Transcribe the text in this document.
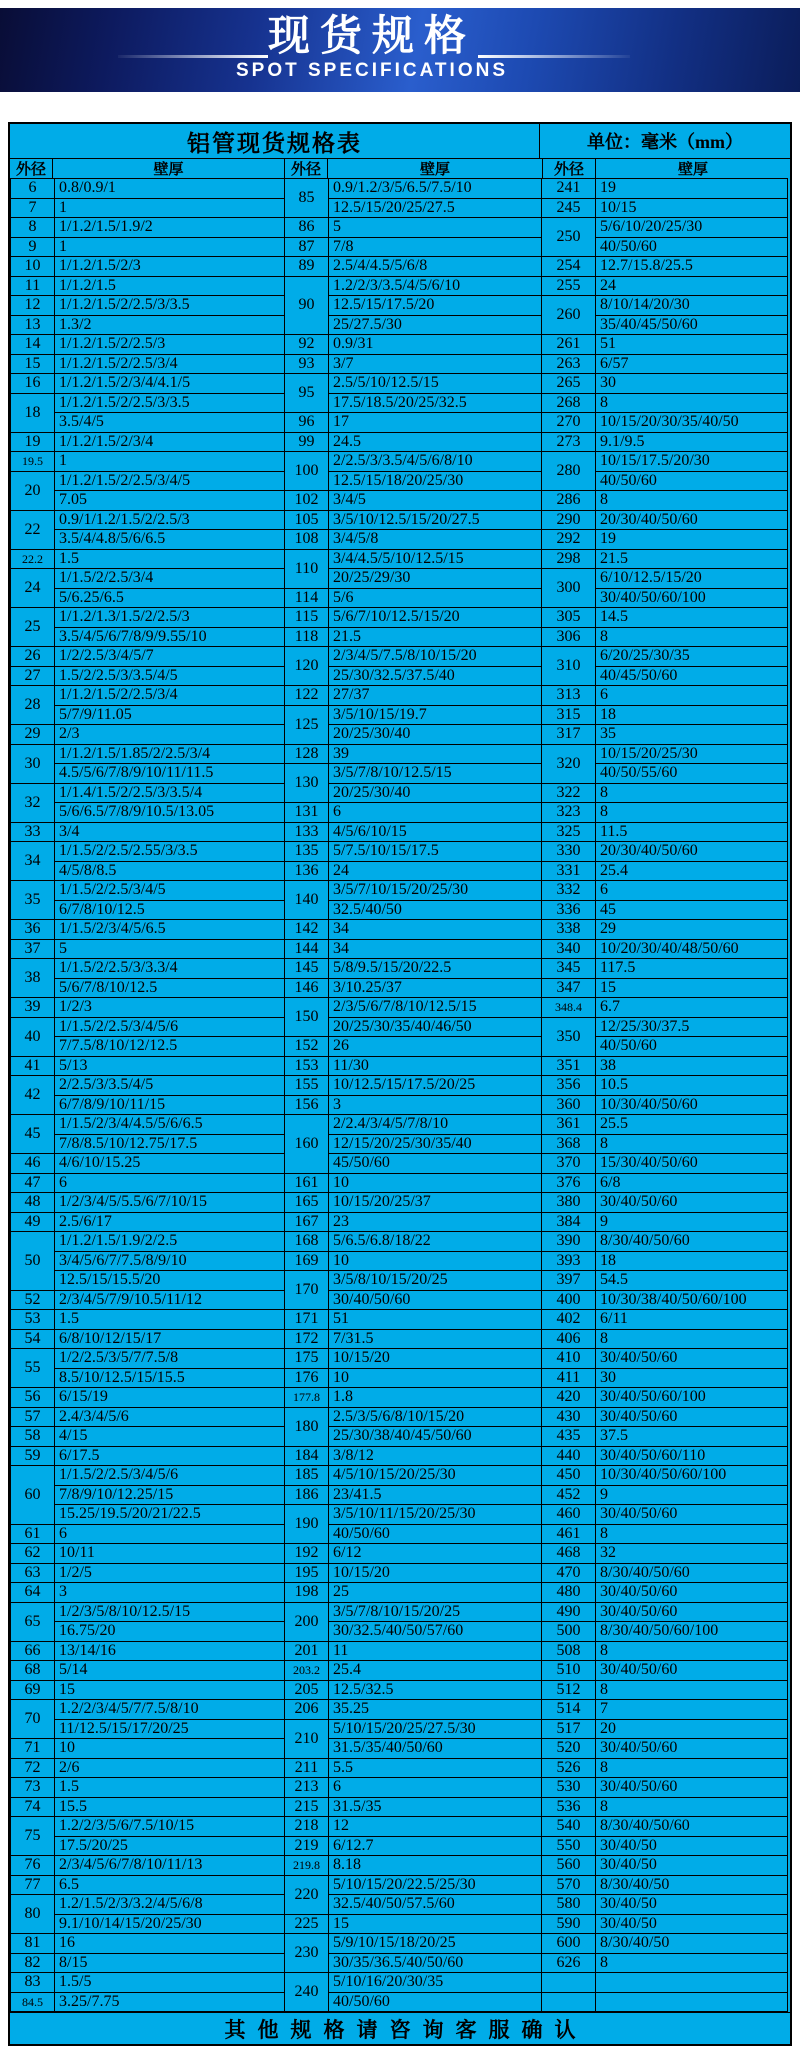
现货规格
SPOT SPECIFICATIONS
铝管现货规格表	单位：毫米（mm）
外径	壁厚	外径	壁厚	外径	壁厚
6	0.8/0.9/1
7	1
8	1/1.2/1.5/1.9/2
9	1
10	1/1.2/1.5/2/3
11	1/1.2/1.5
12	1/1.2/1.5/2/2.5/3/3.5
13	1.3/2
14	1/1.2/1.5/2/2.5/3
15	1/1.2/1.5/2/2.5/3/4
16	1/1.2/1.5/2/3/4/4.1/5
18	1/1.2/1.5/2/2.5/3/3.5
	3.5/4/5
19	1/1.2/1.5/2/3/4
19.5	1
20	1/1.2/1.5/2/2.5/3/4/5
	7.05
22	0.9/1/1.2/1.5/2/2.5/3
	3.5/4/4.8/5/6/6.5
22.2	1.5
24	1/1.5/2/2.5/3/4
	5/6.25/6.5
25	1/1.2/1.3/1.5/2/2.5/3
	3.5/4/5/6/7/8/9/9.55/10
26	1/2/2.5/3/4/5/7
27	1.5/2/2.5/3/3.5/4/5
28	1/1.2/1.5/2/2.5/3/4
	5/7/9/11.05
29	2/3
30	1/1.2/1.5/1.85/2/2.5/3/4
	4.5/5/6/7/8/9/10/11/11.5
32	1/1.4/1.5/2/2.5/3/3.5/4
	5/6/6.5/7/8/9/10.5/13.05
33	3/4
34	1/1.5/2/2.5/2.55/3/3.5
	4/5/8/8.5
35	1/1.5/2/2.5/3/4/5
	6/7/8/10/12.5
36	1/1.5/2/3/4/5/6.5
37	5
38	1/1.5/2/2.5/3/3.3/4
	5/6/7/8/10/12.5
39	1/2/3
40	1/1.5/2/2.5/3/4/5/6
	7/7.5/8/10/12/12.5
41	5/13
42	2/2.5/3/3.5/4/5
	6/7/8/9/10/11/15
45	1/1.5/2/3/4/4.5/5/6/6.5
	7/8/8.5/10/12.75/17.5
46	4/6/10/15.25
47	6
48	1/2/3/4/5/5.5/6/7/10/15
49	2.5/6/17
50	1/1.2/1.5/1.9/2/2.5
	3/4/5/6/7/7.5/8/9/10
	12.5/15/15.5/20
52	2/3/4/5/7/9/10.5/11/12
53	1.5
54	6/8/10/12/15/17
55	1/2/2.5/3/5/7/7.5/8
	8.5/10/12.5/15/15.5
56	6/15/19
57	2.4/3/4/5/6
58	4/15
59	6/17.5
60	1/1.5/2/2.5/3/4/5/6
	7/8/9/10/12.25/15
	15.25/19.5/20/21/22.5
61	6
62	10/11
63	1/2/5
64	3
65	1/2/3/5/8/10/12.5/15
	16.75/20
66	13/14/16
68	5/14
69	15
70	1.2/2/3/4/5/7/7.5/8/10
	11/12.5/15/17/20/25
71	10
72	2/6
73	1.5
74	15.5
75	1.2/2/3/5/6/7.5/10/15
	17.5/20/25
76	2/3/4/5/6/7/8/10/11/13
77	6.5
80	1.2/1.5/2/3/3.2/4/5/6/8
	9.1/10/14/15/20/25/30
81	16
82	8/15
83	1.5/5
84.5	3.25/7.75
85	0.9/1.2/3/5/6.5/7.5/10
	12.5/15/20/25/27.5
86	5
87	7/8
89	2.5/4/4.5/5/6/8
90	1.2/2/3/3.5/4/5/6/10
	12.5/15/17.5/20
	25/27.5/30
92	0.9/31
93	3/7
95	2.5/5/10/12.5/15
	17.5/18.5/20/25/32.5
96	17
99	24.5
100	2/2.5/3/3.5/4/5/6/8/10
	12.5/15/18/20/25/30
102	3/4/5
105	3/5/10/12.5/15/20/27.5
108	3/4/5/8
110	3/4/4.5/5/10/12.5/15
	20/25/29/30
114	5/6
115	5/6/7/10/12.5/15/20
118	21.5
120	2/3/4/5/7.5/8/10/15/20
	25/30/32.5/37.5/40
122	27/37
125	3/5/10/15/19.7
	20/25/30/40
128	39
130	3/5/7/8/10/12.5/15
	20/25/30/40
131	6
133	4/5/6/10/15
135	5/7.5/10/15/17.5
136	24
140	3/5/7/10/15/20/25/30
	32.5/40/50
142	34
144	34
145	5/8/9.5/15/20/22.5
146	3/10.25/37
150	2/3/5/6/7/8/10/12.5/15
	20/25/30/35/40/46/50
152	26
153	11/30
155	10/12.5/15/17.5/20/25
156	3
160	2/2.4/3/4/5/7/8/10
	12/15/20/25/30/35/40
	45/50/60
161	10
165	10/15/20/25/37
167	23
168	5/6.5/6.8/18/22
169	10
170	3/5/8/10/15/20/25
	30/40/50/60
171	51
172	7/31.5
175	10/15/20
176	10
177.8	1.8
180	2.5/3/5/6/8/10/15/20
	25/30/38/40/45/50/60
184	3/8/12
185	4/5/10/15/20/25/30
186	23/41.5
190	3/5/10/11/15/20/25/30
	40/50/60
192	6/12
195	10/15/20
198	25
200	3/5/7/8/10/15/20/25
	30/32.5/40/50/57/60
201	11
203.2	25.4
205	12.5/32.5
206	35.25
210	5/10/15/20/25/27.5/30
	31.5/35/40/50/60
211	5.5
213	6
215	31.5/35
218	12
219	6/12.7
219.8	8.18
220	5/10/15/20/22.5/25/30
	32.5/40/50/57.5/60
225	15
230	5/9/10/15/18/20/25
	30/35/36.5/40/50/60
240	5/10/16/20/30/35
	40/50/60
241	19
245	10/15
250	5/6/10/20/25/30
	40/50/60
254	12.7/15.8/25.5
255	24
260	8/10/14/20/30
	35/40/45/50/60
261	51
263	6/57
265	30
268	8
270	10/15/20/30/35/40/50
273	9.1/9.5
280	10/15/17.5/20/30
	40/50/60
286	8
290	20/30/40/50/60
292	19
298	21.5
300	6/10/12.5/15/20
	30/40/50/60/100
305	14.5
306	8
310	6/20/25/30/35
	40/45/50/60
313	6
315	18
317	35
320	10/15/20/25/30
	40/50/55/60
322	8
323	8
325	11.5
330	20/30/40/50/60
331	25.4
332	6
336	45
338	29
340	10/20/30/40/48/50/60
345	117.5
347	15
348.4	6.7
350	12/25/30/37.5
	40/50/60
351	38
356	10.5
360	10/30/40/50/60
361	25.5
368	8
370	15/30/40/50/60
376	6/8
380	30/40/50/60
384	9
390	8/30/40/50/60
393	18
397	54.5
400	10/30/38/40/50/60/100
402	6/11
406	8
410	30/40/50/60
411	30
420	30/40/50/60/100
430	30/40/50/60
435	37.5
440	30/40/50/60/110
450	10/30/40/50/60/100
452	9
460	30/40/50/60
461	8
468	32
470	8/30/40/50/60
480	30/40/50/60
490	30/40/50/60
500	8/30/40/50/60/100
508	8
510	30/40/50/60
512	8
514	7
517	20
520	30/40/50/60
526	8
530	30/40/50/60
536	8
540	8/30/40/50/60
550	30/40/50
560	30/40/50
570	8/30/40/50
580	30/40/50
590	30/40/50
600	8/30/40/50
626	8

其他规格请咨询客服确认
